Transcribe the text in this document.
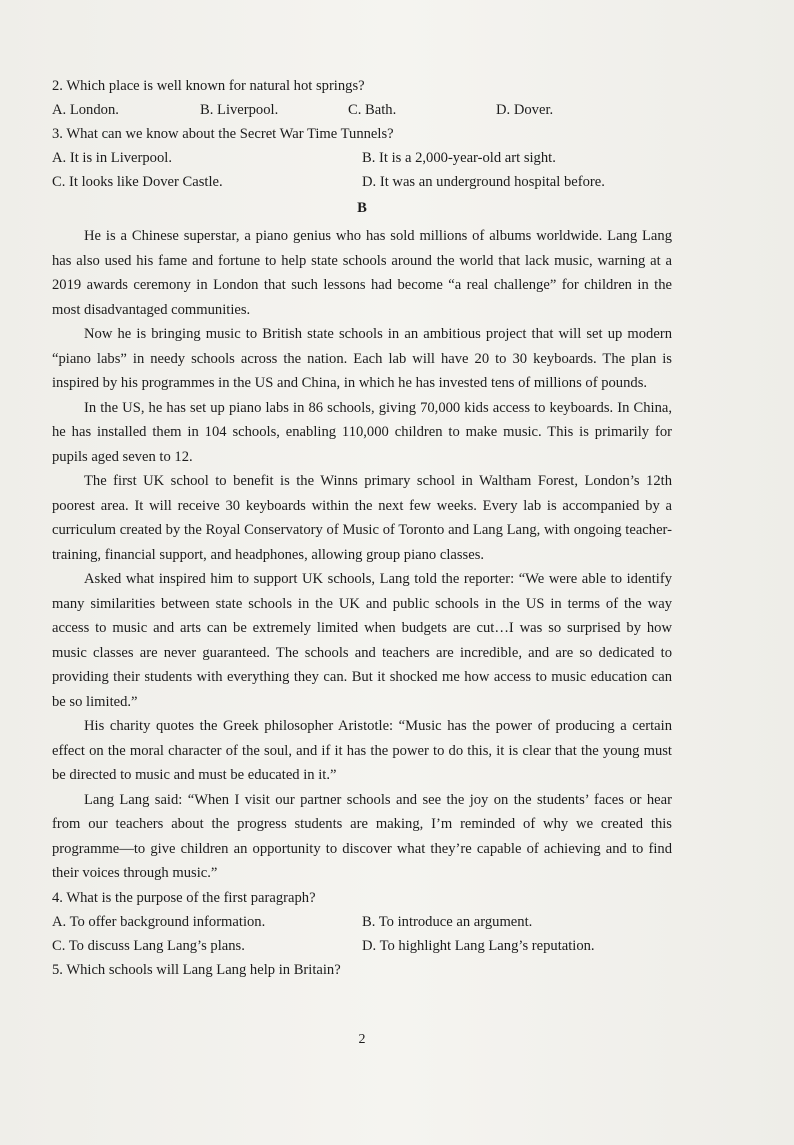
2. Which place is well known for natural hot springs?

A. London.	B. Liverpool.	C. Bath.	D. Dover.

3. What can we know about the Secret War Time Tunnels?

A. It is in Liverpool.	B. It is a 2,000-year-old art sight.
C. It looks like Dover Castle.	D. It was an underground hospital before.

B

He is a Chinese superstar, a piano genius who has sold millions of albums worldwide. Lang Lang has also used his fame and fortune to help state schools around the world that lack music, warning at a 2019 awards ceremony in London that such lessons had become “a real challenge” for children in the most disadvantaged communities.

Now he is bringing music to British state schools in an ambitious project that will set up modern “piano labs” in needy schools across the nation. Each lab will have 20 to 30 keyboards. The plan is inspired by his programmes in the US and China, in which he has invested tens of millions of pounds.

In the US, he has set up piano labs in 86 schools, giving 70,000 kids access to keyboards. In China, he has installed them in 104 schools, enabling 110,000 children to make music. This is primarily for pupils aged seven to 12.

The first UK school to benefit is the Winns primary school in Waltham Forest, London’s 12th poorest area. It will receive 30 keyboards within the next few weeks. Every lab is accompanied by a curriculum created by the Royal Conservatory of Music of Toronto and Lang Lang, with ongoing teacher-training, financial support, and headphones, allowing group piano classes.

Asked what inspired him to support UK schools, Lang told the reporter: “We were able to identify many similarities between state schools in the UK and public schools in the US in terms of the way access to music and arts can be extremely limited when budgets are cut…I was so surprised by how music classes are never guaranteed. The schools and teachers are incredible, and are so dedicated to providing their students with everything they can. But it shocked me how access to music education can be so limited.”

His charity quotes the Greek philosopher Aristotle: “Music has the power of producing a certain effect on the moral character of the soul, and if it has the power to do this, it is clear that the young must be directed to music and must be educated in it.”

Lang Lang said: “When I visit our partner schools and see the joy on the students’ faces or hear from our teachers about the progress students are making, I’m reminded of why we created this programme—to give children an opportunity to discover what they’re capable of achieving and to find their voices through music.”

4. What is the purpose of the first paragraph?

A. To offer background information.	B. To introduce an argument.
C. To discuss Lang Lang’s plans.	D. To highlight Lang Lang’s reputation.

5. Which schools will Lang Lang help in Britain?

2
